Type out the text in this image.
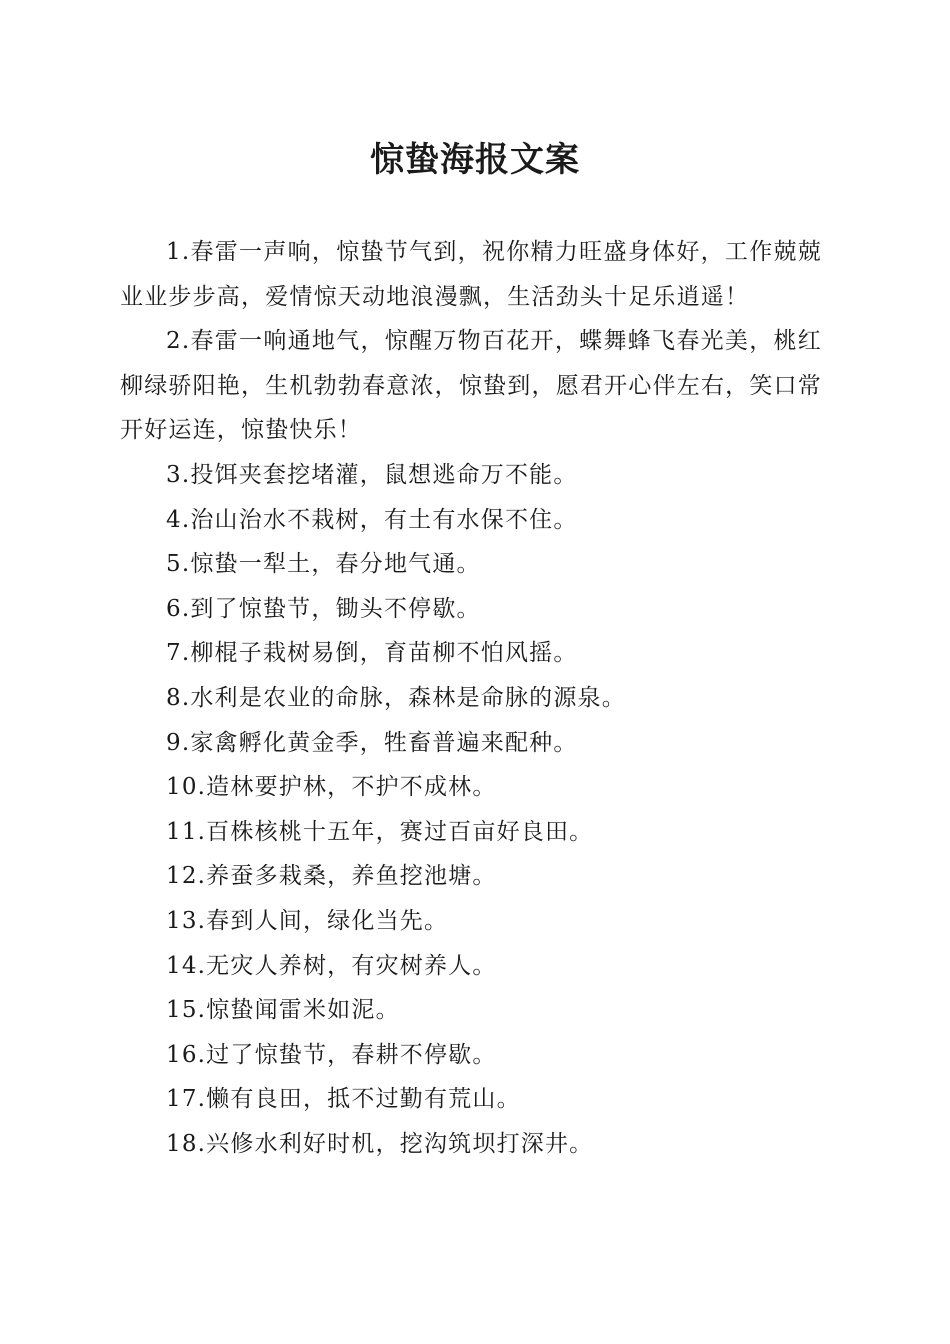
惊蛰海报文案

1.春雷一声响，惊蛰节气到，祝你精力旺盛身体好，工作兢兢业业步步高，爱情惊天动地浪漫飘，生活劲头十足乐逍遥！

2.春雷一响通地气，惊醒万物百花开，蝶舞蜂飞春光美，桃红柳绿骄阳艳，生机勃勃春意浓，惊蛰到，愿君开心伴左右，笑口常开好运连，惊蛰快乐！

3.投饵夹套挖堵灌，鼠想逃命万不能。

4.治山治水不栽树，有土有水保不住。

5.惊蛰一犁土，春分地气通。

6.到了惊蛰节，锄头不停歇。

7.柳棍子栽树易倒，育苗柳不怕风摇。

8.水利是农业的命脉，森林是命脉的源泉。

9.家禽孵化黄金季，牲畜普遍来配种。

10.造林要护林，不护不成林。

11.百株核桃十五年，赛过百亩好良田。

12.养蚕多栽桑，养鱼挖池塘。

13.春到人间，绿化当先。

14.无灾人养树，有灾树养人。

15.惊蛰闻雷米如泥。

16.过了惊蛰节，春耕不停歇。

17.懒有良田，抵不过勤有荒山。

18.兴修水利好时机，挖沟筑坝打深井。
